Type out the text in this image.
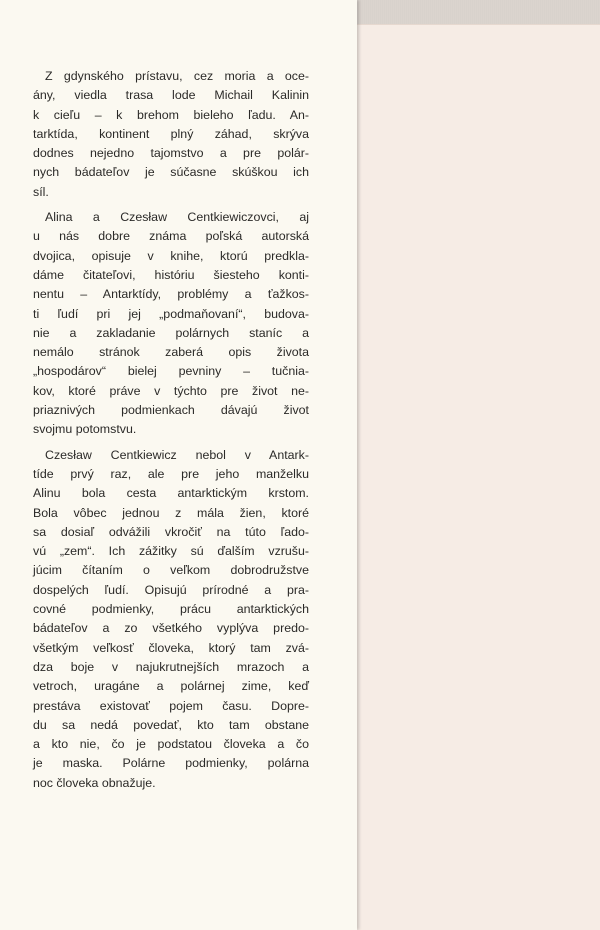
Z gdynského prístavu, cez moria a oce-
ány, viedla trasa lode Michail Kalinin
k cieľu – k brehom bieleho ľadu. An-
tarktída, kontinent plný záhad, skrýva
dodnes nejedno tajomstvo a pre polár-
nych bádateľov je súčasne skúškou ich
síl.

Alina a Czesław Centkiewiczovci, aj
u nás dobre známa poľská autorská
dvojica, opisuje v knihe, ktorú predkla-
dáme čitateľovi, históriu šiesteho konti-
nentu – Antarktídy, problémy a ťažkos-
ti ľudí pri jej „podmaňovaní“, budova-
nie a zakladanie polárnych staníc a
nemálo stránok zaberá opis života
„hospodárov“ bielej pevniny – tučnia-
kov, ktoré práve v týchto pre život ne-
priaznivých podmienkach dávajú život
svojmu potomstvu.

Czesław Centkiewicz nebol v Antark-
tíde prvý raz, ale pre jeho manželku
Alinu bola cesta antarktickým krstom.
Bola vôbec jednou z mála žien, ktoré
sa dosiaľ odvážili vkročiť na túto ľado-
vú „zem“. Ich zážitky sú ďalším vzrušu-
júcim čítaním o veľkom dobrodružstve
dospelých ľudí. Opisujú prírodné a pra-
covné podmienky, prácu antarktických
bádateľov a zo všetkého vyplýva predo-
všetkým veľkosť človeka, ktorý tam zvá-
dza boje v najukrutnejších mrazoch a
vetroch, uragáne a polárnej zime, keď
prestáva existovať pojem času. Dopre-
du sa nedá povedať, kto tam obstane
a kto nie, čo je podstatou človeka a čo
je maska. Polárne podmienky, polárna
noc človeka obnažuje.
